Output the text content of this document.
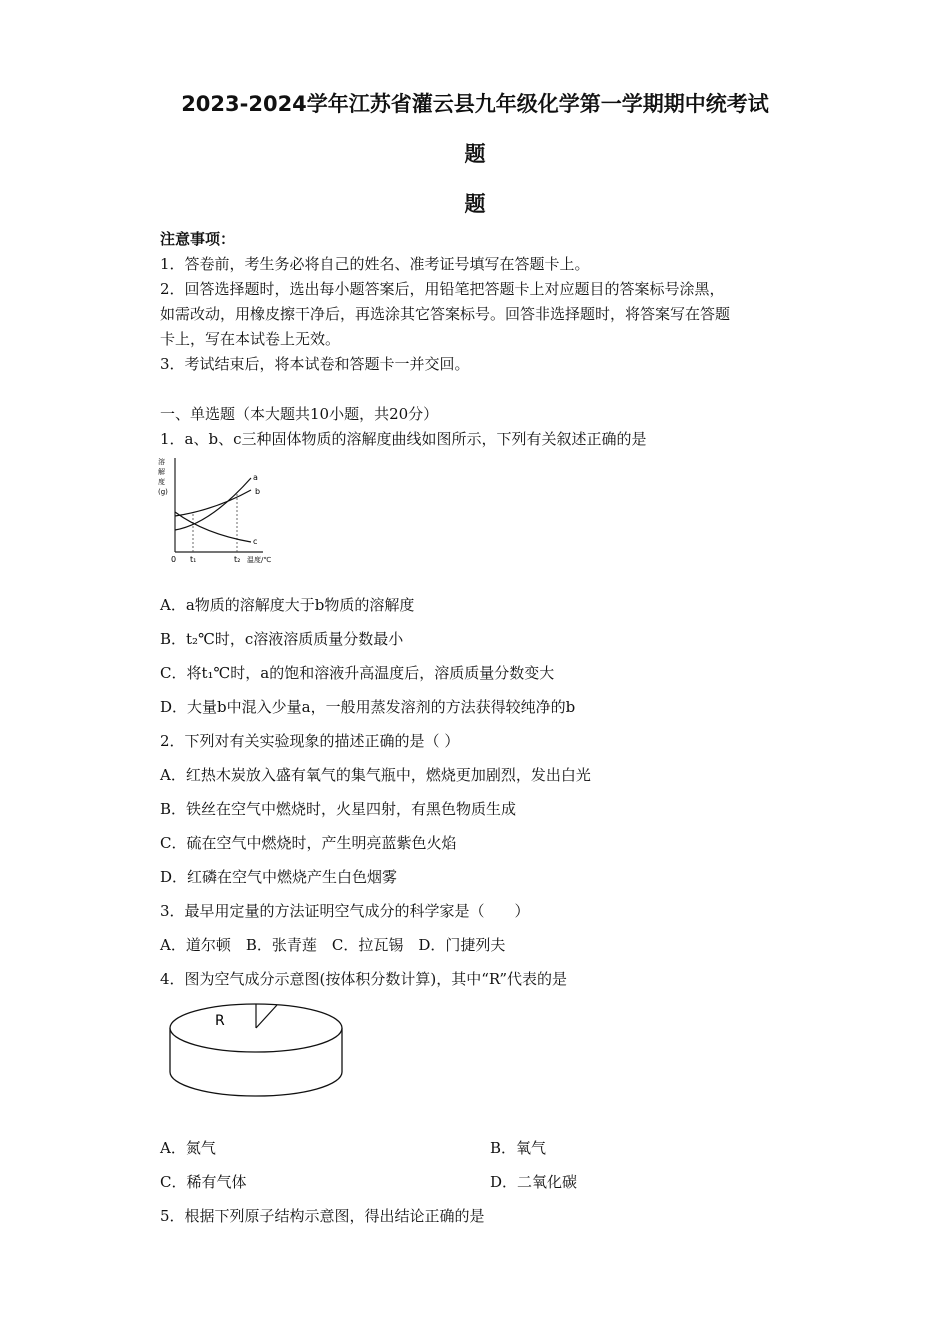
2023-2024学年江苏省灌云县九年级化学第一学期期中统考试
题
题
注意事项：
1．答卷前，考生务必将自己的姓名、准考证号填写在答题卡上。
2．回答选择题时，选出每小题答案后，用铅笔把答题卡上对应题目的答案标号涂黑，
如需改动，用橡皮擦干净后，再选涂其它答案标号。回答非选择题时，将答案写在答题
卡上，写在本试卷上无效。
3．考试结束后，将本试卷和答题卡一并交回。
一、单选题（本大题共10小题，共20分）
1．a、b、c三种固体物质的溶解度曲线如图所示，下列有关叙述正确的是
溶
解
度
(g)
a
b
c
0 t₁	t₂ 温度/℃
A．a物质的溶解度大于b物质的溶解度
B．t₂℃时，c溶液溶质质量分数最小
C．将t₁℃时，a的饱和溶液升高温度后，溶质质量分数变大
D．大量b中混入少量a，一般用蒸发溶剂的方法获得较纯净的b
2．下列对有关实验现象的描述正确的是（ ）
A．红热木炭放入盛有氧气的集气瓶中，燃烧更加剧烈，发出白光
B．铁丝在空气中燃烧时，火星四射，有黑色物质生成
C．硫在空气中燃烧时，产生明亮蓝紫色火焰
D．红磷在空气中燃烧产生白色烟雾
3．最早用定量的方法证明空气成分的科学家是（　　）
A．道尔顿　B．张青莲　C．拉瓦锡　D．门捷列夫
4．图为空气成分示意图(按体积分数计算)，其中“R”代表的是
R
A．氮气	B．氧气
C．稀有气体	D．二氧化碳
5．根据下列原子结构示意图，得出结论正确的是
